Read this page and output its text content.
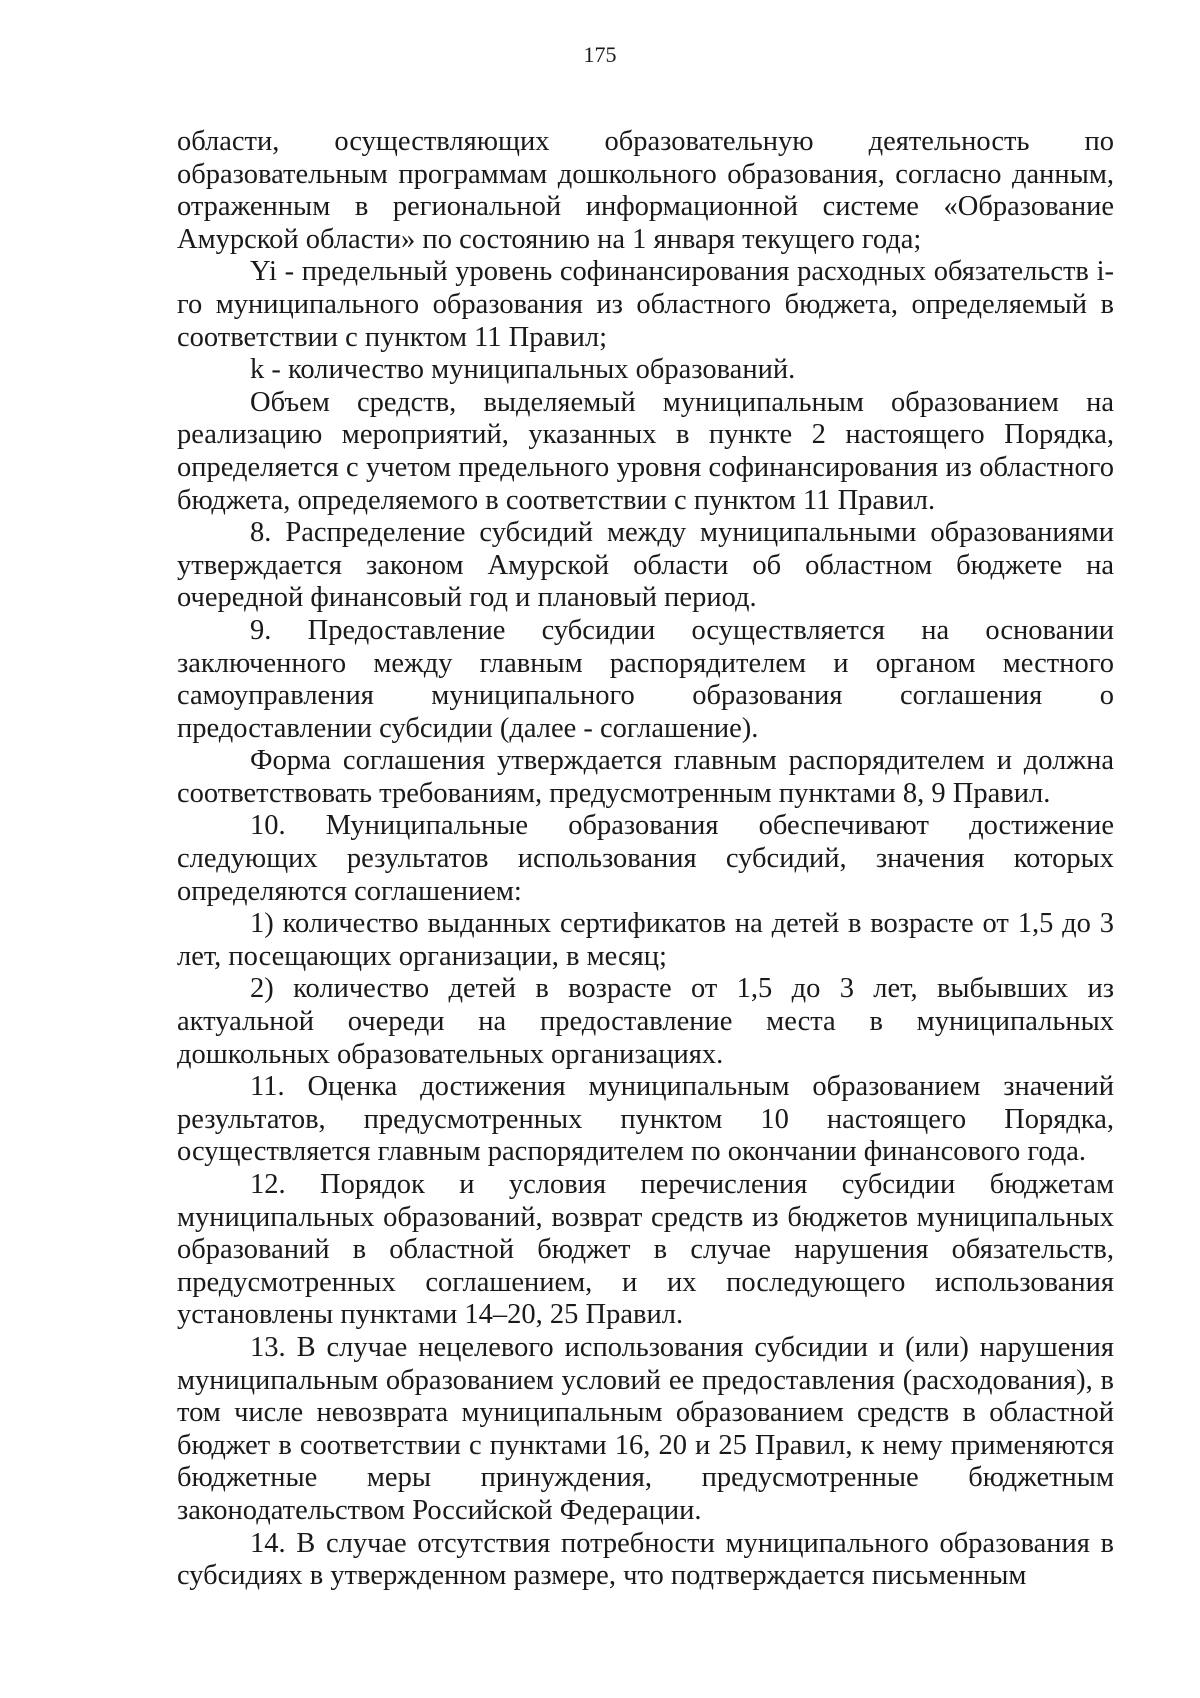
175

области, осуществляющих образовательную деятельность по образовательным программам дошкольного образования, согласно данным, отраженным в региональной информационной системе «Образование Амурской области» по состоянию на 1 января текущего года;

Yi - предельный уровень софинансирования расходных обязательств i-го муниципального образования из областного бюджета, определяемый в соответствии с пунктом 11 Правил;

k - количество муниципальных образований.

Объем средств, выделяемый муниципальным образованием на реализацию мероприятий, указанных в пункте 2 настоящего Порядка, определяется с учетом предельного уровня софинансирования из областного бюджета, определяемого в соответствии с пунктом 11 Правил.

8. Распределение субсидий между муниципальными образованиями утверждается законом Амурской области об областном бюджете на очередной финансовый год и плановый период.

9. Предоставление субсидии осуществляется на основании заключенного между главным распорядителем и органом местного самоуправления муниципального образования соглашения о предоставлении субсидии (далее - соглашение).

Форма соглашения утверждается главным распорядителем и должна соответствовать требованиям, предусмотренным пунктами 8, 9 Правил.

10. Муниципальные образования обеспечивают достижение следующих результатов использования субсидий, значения которых определяются соглашением:

1) количество выданных сертификатов на детей в возрасте от 1,5 до 3 лет, посещающих организации, в месяц;

2) количество детей в возрасте от 1,5 до 3 лет, выбывших из актуальной очереди на предоставление места в муниципальных дошкольных образовательных организациях.

11. Оценка достижения муниципальным образованием значений результатов, предусмотренных пунктом 10 настоящего Порядка, осуществляется главным распорядителем по окончании финансового года.

12. Порядок и условия перечисления субсидии бюджетам муниципальных образований, возврат средств из бюджетов муниципальных образований в областной бюджет в случае нарушения обязательств, предусмотренных соглашением, и их последующего использования установлены пунктами 14–20, 25 Правил.

13. В случае нецелевого использования субсидии и (или) нарушения муниципальным образованием условий ее предоставления (расходования), в том числе невозврата муниципальным образованием средств в областной бюджет в соответствии с пунктами 16, 20 и 25 Правил, к нему применяются бюджетные меры принуждения, предусмотренные бюджетным законодательством Российской Федерации.

14. В случае отсутствия потребности муниципального образования в субсидиях в утвержденном размере, что подтверждается письменным
